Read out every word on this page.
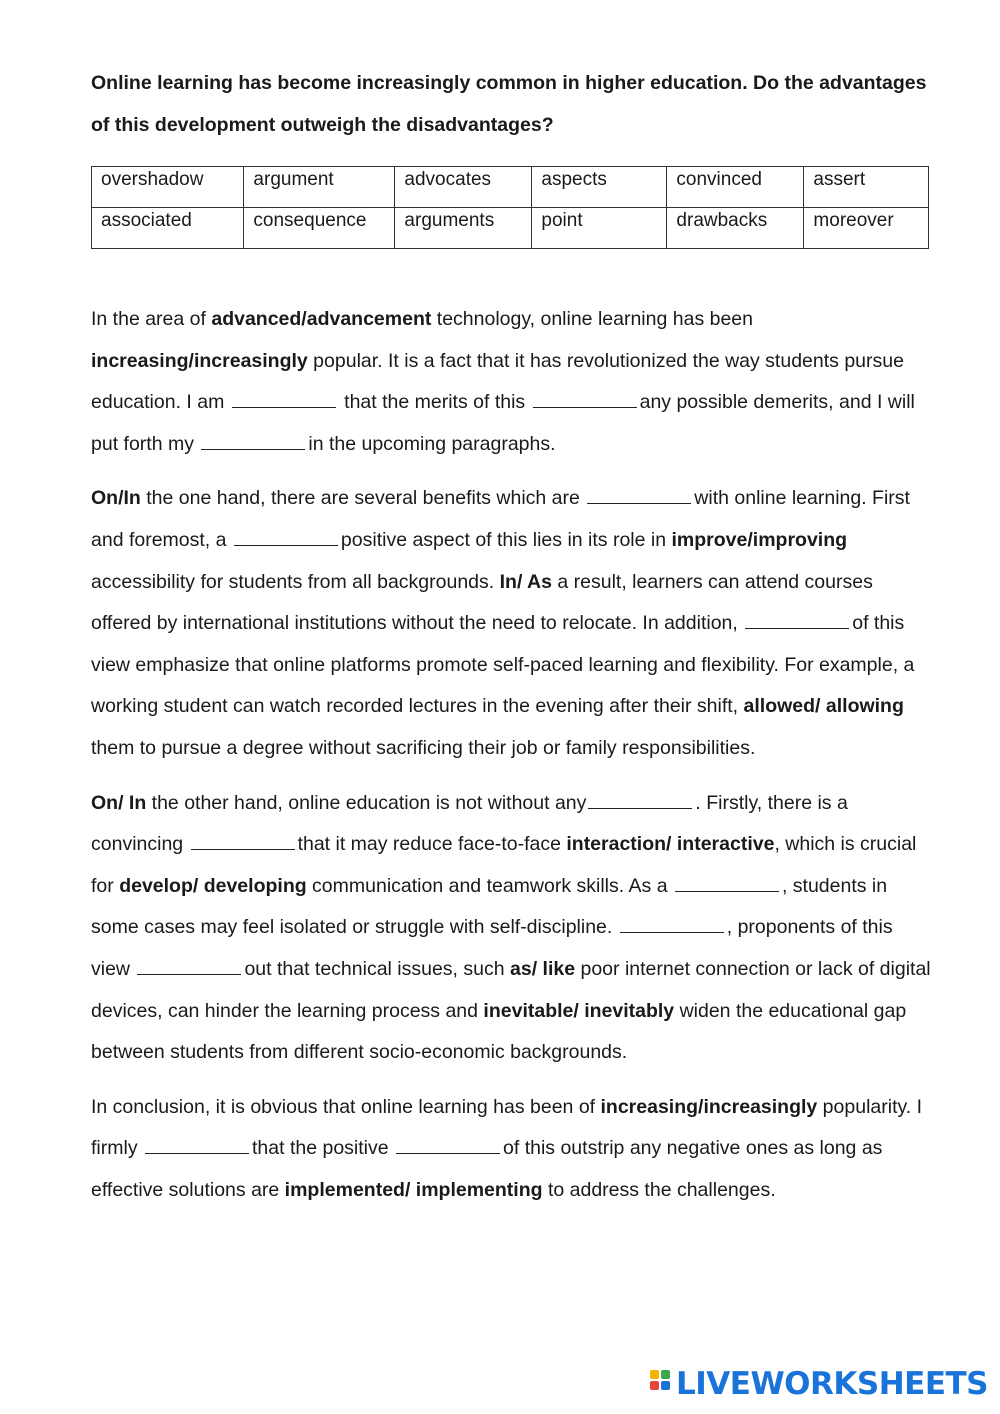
Online learning has become increasingly common in higher education. Do the advantages of this development outweigh the disadvantages?

overshadow	argument	advocates	aspects	convinced	assert
associated	consequence	arguments	point	drawbacks	moreover

In the area of advanced/advancement technology, online learning has been increasing/increasingly popular. It is a fact that it has revolutionized the way students pursue education. I am	that the merits of this	any possible demerits, and I will put forth my	in the upcoming paragraphs.

On/In the one hand, there are several benefits which are	with online learning. First and foremost, a	positive aspect of this lies in its role in improve/improving accessibility for students from all backgrounds. In/ As a result, learners can attend courses offered by international institutions without the need to relocate. In addition,	of this view emphasize that online platforms promote self-paced learning and flexibility. For example, a working student can watch recorded lectures in the evening after their shift, allowed/ allowing them to pursue a degree without sacrificing their job or family responsibilities.

On/ In the other hand, online education is not without any	. Firstly, there is a convincing	that it may reduce face-to-face interaction/ interactive, which is crucial for develop/ developing communication and teamwork skills. As a	, students in some cases may feel isolated or struggle with self-discipline.	, proponents of this view	out that technical issues, such as/ like poor internet connection or lack of digital devices, can hinder the learning process and inevitable/ inevitably widen the educational gap between students from different socio-economic backgrounds.

In conclusion, it is obvious that online learning has been of increasing/increasingly popularity. I firmly	that the positive	of this outstrip any negative ones as long as effective solutions are implemented/ implementing to address the challenges.

LIVEWORKSHEETS
